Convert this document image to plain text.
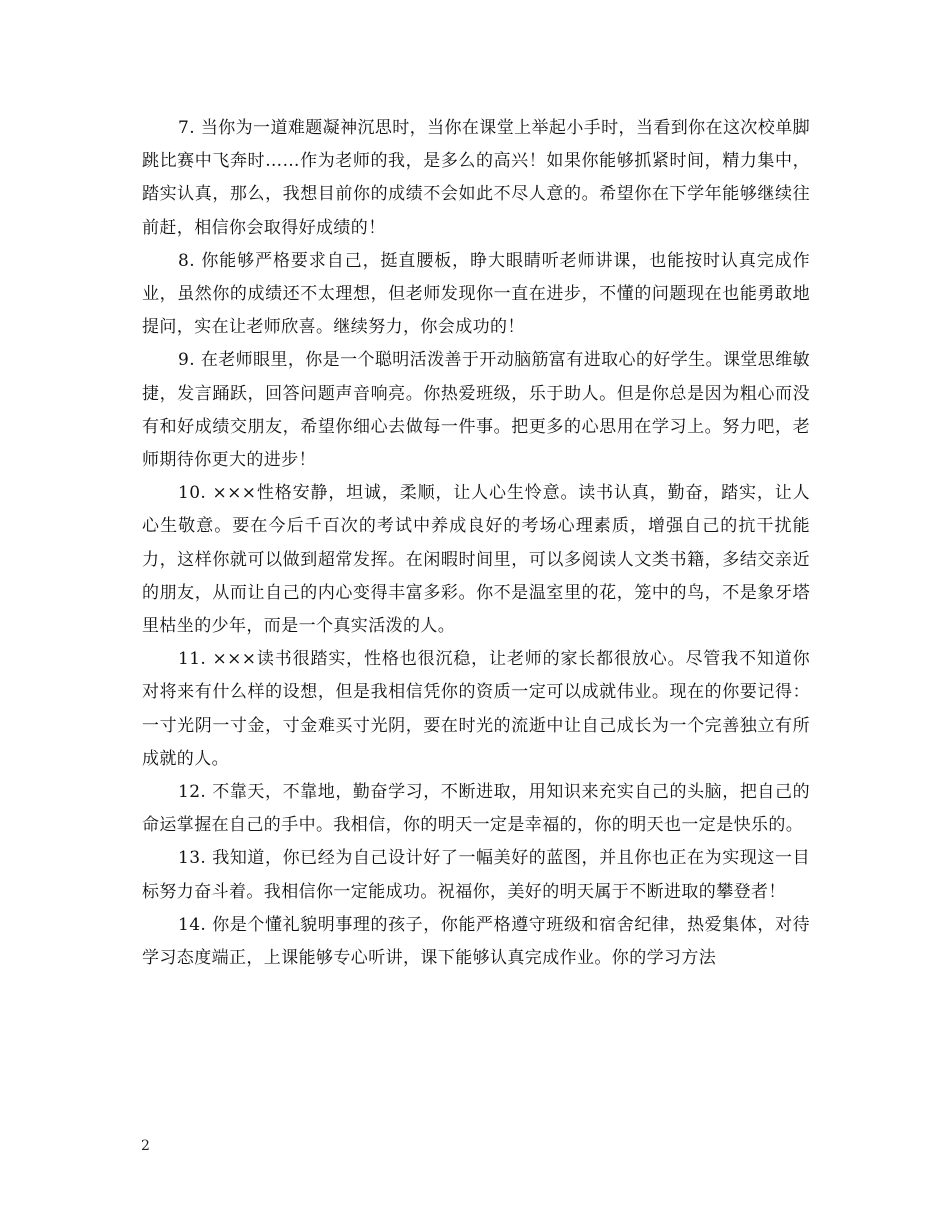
7. 当你为一道难题凝神沉思时，当你在课堂上举起小手时，当看到你在这次校单脚跳比赛中飞奔时……作为老师的我，是多么的高兴！如果你能够抓紧时间，精力集中，踏实认真，那么，我想目前你的成绩不会如此不尽人意的。希望你在下学年能够继续往前赶，相信你会取得好成绩的！

8. 你能够严格要求自己，挺直腰板，睁大眼睛听老师讲课，也能按时认真完成作业，虽然你的成绩还不太理想，但老师发现你一直在进步，不懂的问题现在也能勇敢地提问，实在让老师欣喜。继续努力，你会成功的！

9. 在老师眼里，你是一个聪明活泼善于开动脑筋富有进取心的好学生。课堂思维敏捷，发言踊跃，回答问题声音响亮。你热爱班级，乐于助人。但是你总是因为粗心而没有和好成绩交朋友，希望你细心去做每一件事。把更多的心思用在学习上。努力吧，老师期待你更大的进步！

10. ×××性格安静，坦诚，柔顺，让人心生怜意。读书认真，勤奋，踏实，让人心生敬意。要在今后千百次的考试中养成良好的考场心理素质，增强自己的抗干扰能力，这样你就可以做到超常发挥。在闲暇时间里，可以多阅读人文类书籍，多结交亲近的朋友，从而让自己的内心变得丰富多彩。你不是温室里的花，笼中的鸟，不是象牙塔里枯坐的少年，而是一个真实活泼的人。

11. ×××读书很踏实，性格也很沉稳，让老师的家长都很放心。尽管我不知道你对将来有什么样的设想，但是我相信凭你的资质一定可以成就伟业。现在的你要记得：一寸光阴一寸金，寸金难买寸光阴，要在时光的流逝中让自己成长为一个完善独立有所成就的人。

12. 不靠天，不靠地，勤奋学习，不断进取，用知识来充实自己的头脑，把自己的命运掌握在自己的手中。我相信，你的明天一定是幸福的，你的明天也一定是快乐的。

13. 我知道，你已经为自己设计好了一幅美好的蓝图，并且你也正在为实现这一目标努力奋斗着。我相信你一定能成功。祝福你，美好的明天属于不断进取的攀登者！

14. 你是个懂礼貌明事理的孩子，你能严格遵守班级和宿舍纪律，热爱集体，对待学习态度端正，上课能够专心听讲，课下能够认真完成作业。你的学习方法

2
